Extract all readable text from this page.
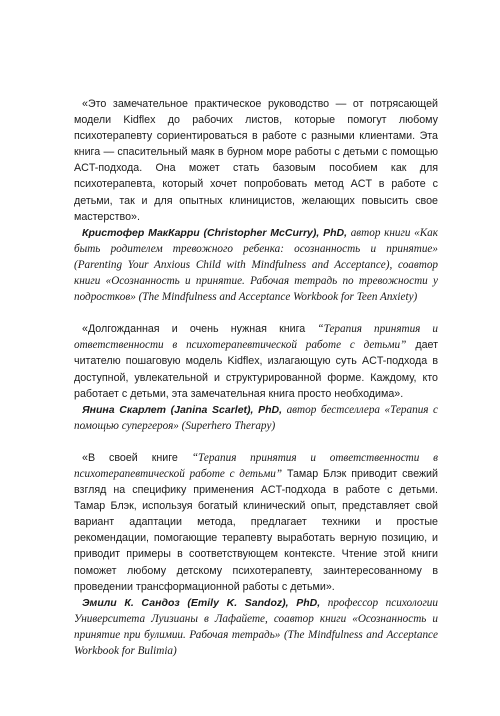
«Это замечательное практическое руководство — от потрясающей модели Kidflex до рабочих листов, которые помогут любому психотерапевту сориентироваться в работе с разными клиентами. Эта книга — спасительный маяк в бурном море работы с детьми с помощью ACT-подхода. Она может стать базовым пособием как для психотерапевта, который хочет попробовать метод ACT в работе с детьми, так и для опытных клиницистов, желающих повысить свое мастерство».

Кристофер МакКарри (Christopher McCurry), PhD, автор книги «Как быть родителем тревожного ребенка: осознанность и принятие» (Parenting Your Anxious Child with Mindfulness and Acceptance), соавтор книги «Осознанность и принятие. Рабочая тетрадь по тревожности у подростков» (The Mindfulness and Acceptance Workbook for Teen Anxiety)

«Долгожданная и очень нужная книга “Терапия принятия и ответственности в психотерапевтической работе с детьми” дает читателю пошаговую модель Kidflex, излагающую суть ACT-подхода в доступной, увлекательной и структурированной форме. Каждому, кто работает с детьми, эта замечательная книга просто необходима».

Янина Скарлет (Janina Scarlet), PhD, автор бестселлера «Терапия с помощью супергероя» (Superhero Therapy)

«В своей книге “Терапия принятия и ответственности в психотерапевтической работе с детьми” Тамар Блэк приводит свежий взгляд на специфику применения ACT-подхода в работе с детьми. Тамар Блэк, используя богатый клинический опыт, представляет свой вариант адаптации метода, предлагает техники и простые рекомендации, помогающие терапевту выработать верную позицию, и приводит примеры в соответствующем контексте. Чтение этой книги поможет любому детскому психотерапевту, заинтересованному в проведении трансформационной работы с детьми».

Эмили К. Сандоз (Emily K. Sandoz), PhD, профессор психологии Университета Луизианы в Лафайете, соавтор книги «Осознанность и принятие при булимии. Рабочая тетрадь» (The Mindfulness and Acceptance Workbook for Bulimia)
